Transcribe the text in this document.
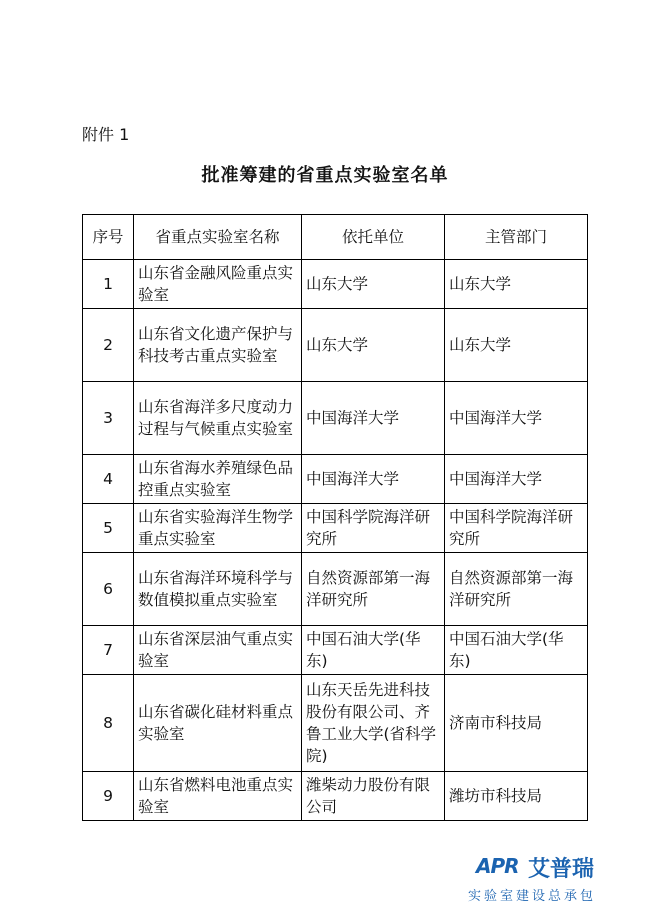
附件 1
批准筹建的省重点实验室名单
序号	省重点实验室名称	依托单位	主管部门
1	山东省金融风险重点实验室	山东大学	山东大学
2	山东省文化遗产保护与科技考古重点实验室	山东大学	山东大学
3	山东省海洋多尺度动力过程与气候重点实验室	中国海洋大学	中国海洋大学
4	山东省海水养殖绿色品控重点实验室	中国海洋大学	中国海洋大学
5	山东省实验海洋生物学重点实验室	中国科学院海洋研究所	中国科学院海洋研究所
6	山东省海洋环境科学与数值模拟重点实验室	自然资源部第一海洋研究所	自然资源部第一海洋研究所
7	山东省深层油气重点实验室	中国石油大学(华东)	中国石油大学(华东)
8	山东省碳化硅材料重点实验室	山东天岳先进科技股份有限公司、齐鲁工业大学(省科学院)	济南市科技局
9	山东省燃料电池重点实验室	潍柴动力股份有限公司	潍坊市科技局
APR 艾普瑞
实验室建设总承包
